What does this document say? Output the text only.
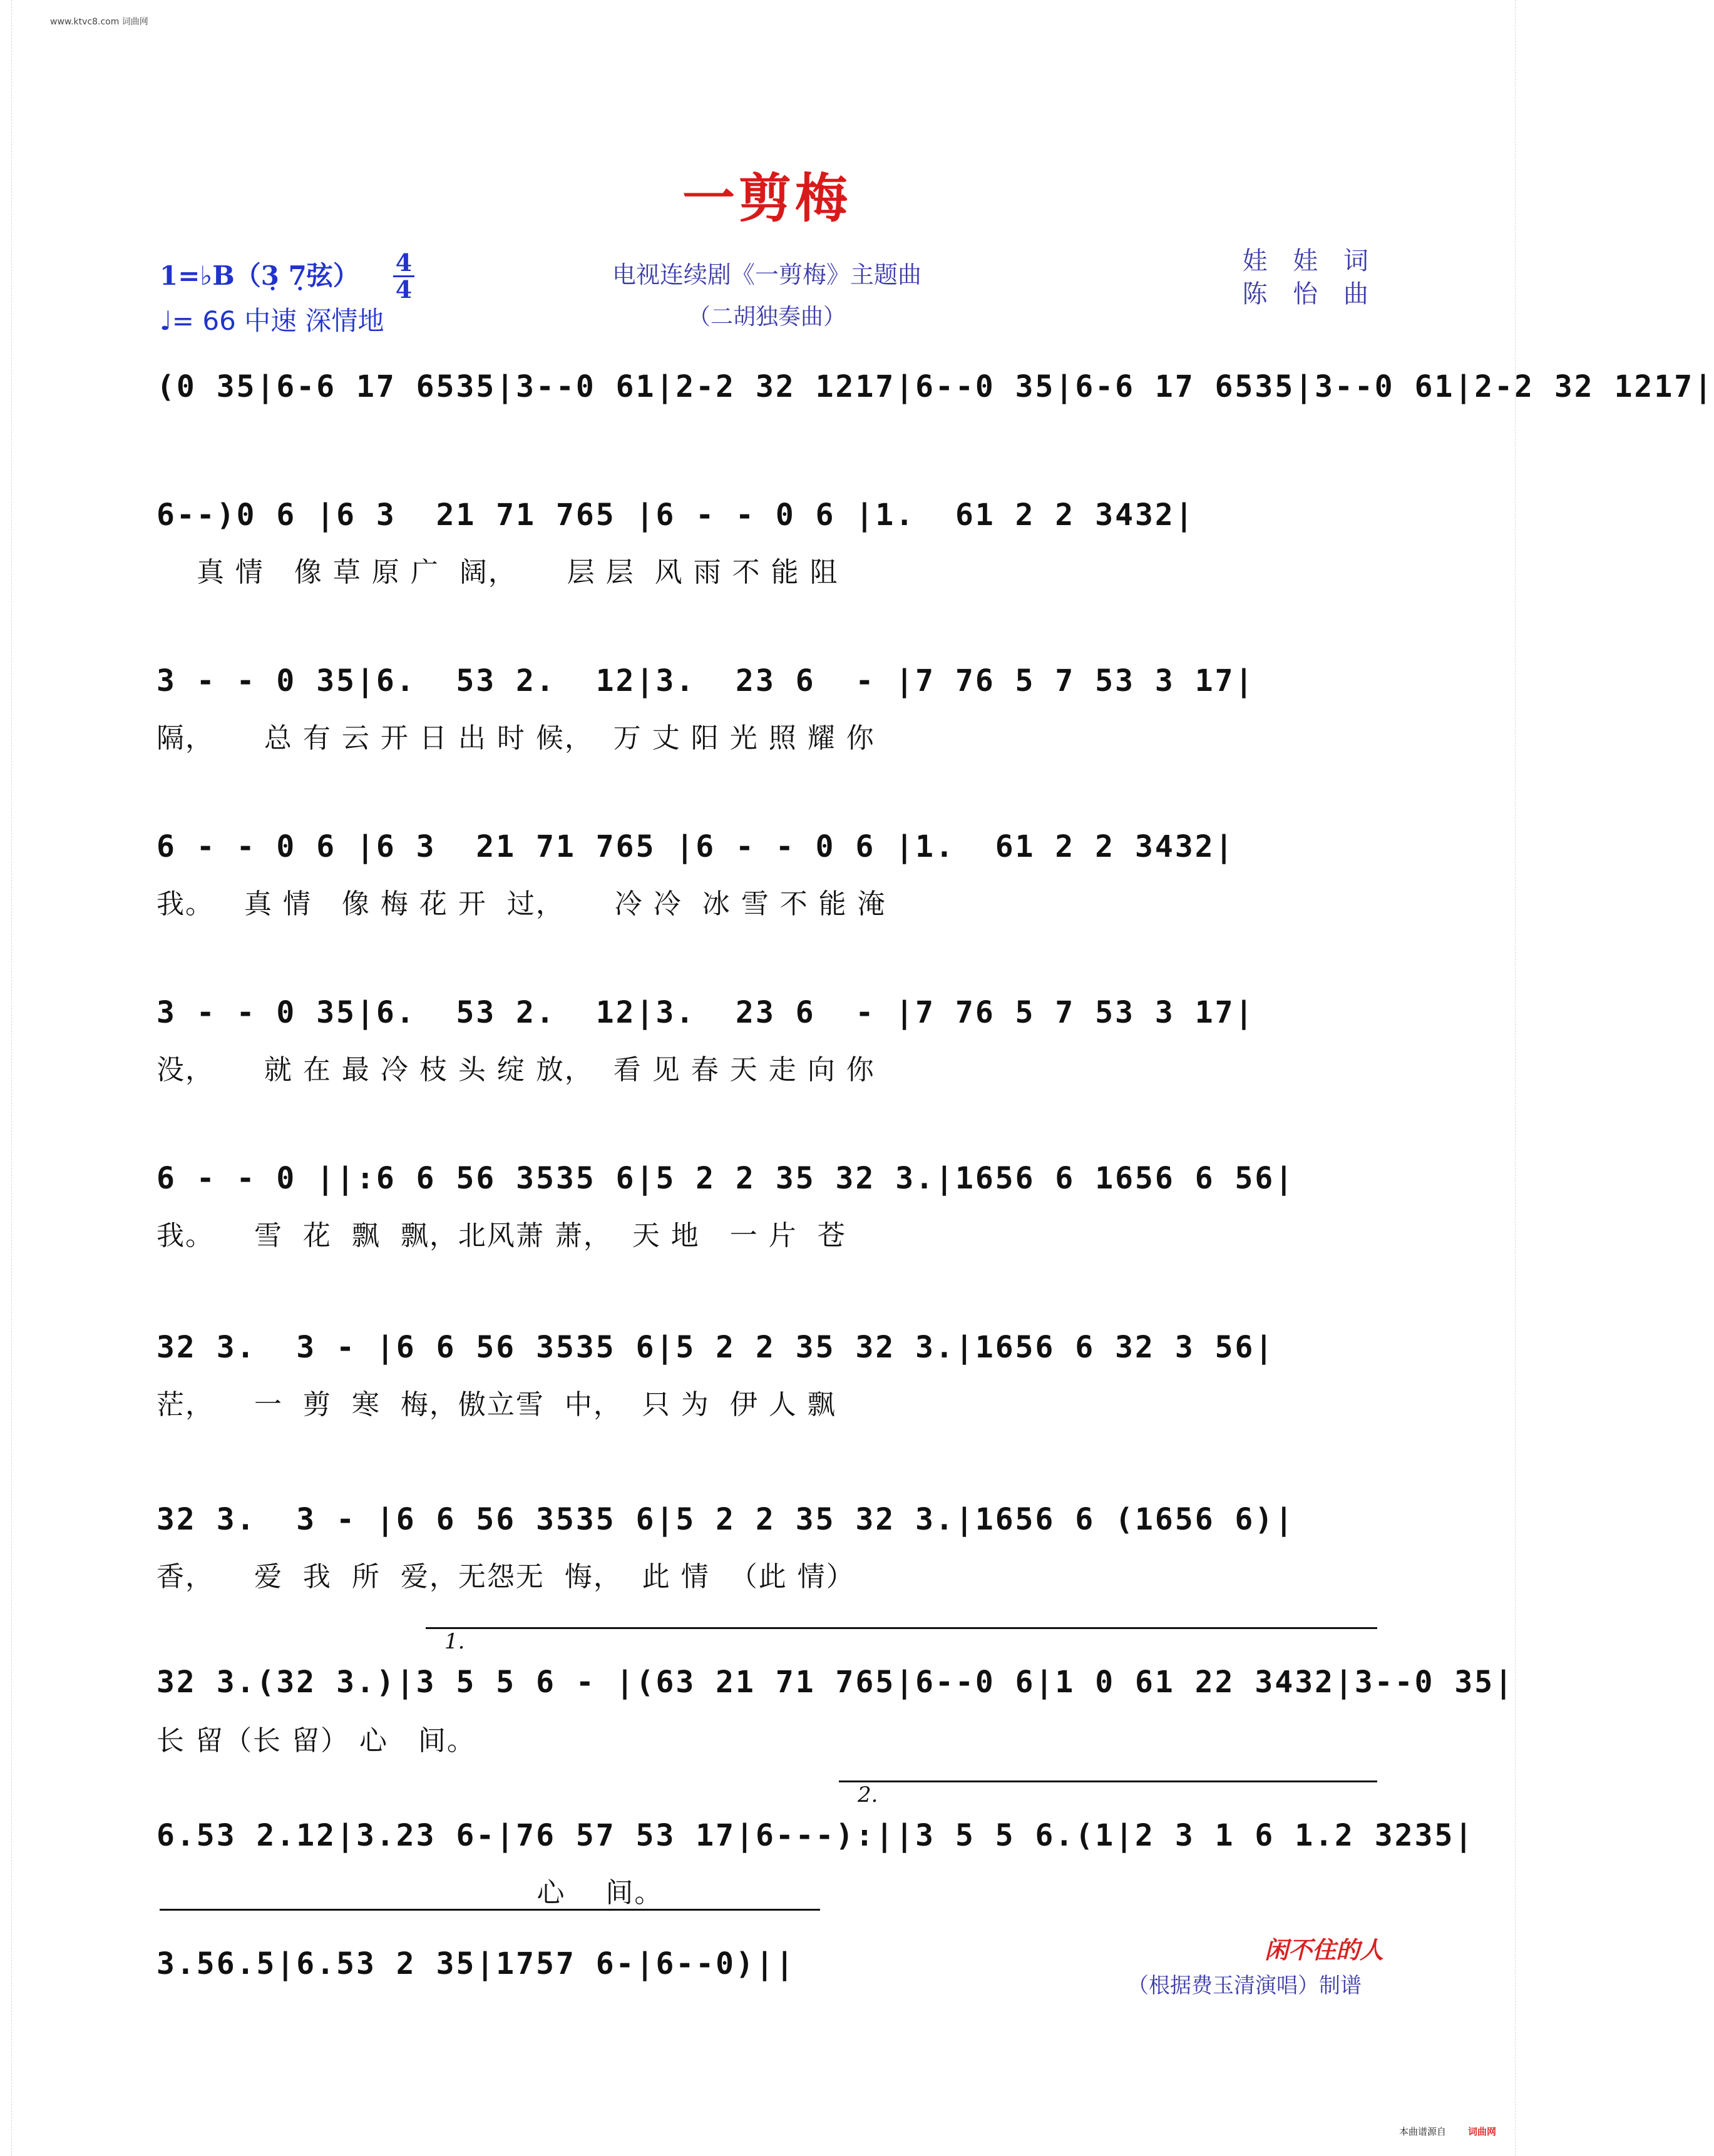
www.ktvc8.com 词曲网
一剪梅
1=♭B（3̣ 7̣弦） 4
4
♩= 66 中速 深情地
电视连续剧《一剪梅》主题曲
（二胡独奏曲）
娃 娃 词
陈 怡 曲
(0 35|6-6 17 6535|3--0 61|2-2 32 1217|6--0 35|6-6 17 6535|3--0 61|2-2 32 1217|
6--)0 6 |6 3  21 71 765 |6 - - 0 6 |1.  61 2 2 3432|
真 情   像 草 原 广  阔，     层 层  风 雨 不 能 阻
3 - - 0 35|6.  53 2.  12|3.  23 6  - |7 76 5 7 53 3 17|
隔，     总 有 云 开 日 出 时 候，  万 丈 阳 光 照 耀 你
6 - - 0 6 |6 3  21 71 765 |6 - - 0 6 |1.  61 2 2 3432|
我。   真 情   像 梅 花 开  过，     冷 冷  冰 雪 不 能 淹
3 - - 0 35|6.  53 2.  12|3.  23 6  - |7 76 5 7 53 3 17|
没，     就 在 最 冷 枝 头 绽 放，  看 见 春 天 走 向 你
6 - - 0 ||:6 6 56 3535 6|5 2 2 35 32 3.|1656 6 1656 6 56|
我。    雪  花  飘  飘，北风萧 萧，  天 地   一 片  苍
32 3.  3 - |6 6 56 3535 6|5 2 2 35 32 3.|1656 6 32 3 56|
茫，    一  剪  寒  梅，傲立雪  中，  只 为  伊 人 飘
32 3.  3 - |6 6 56 3535 6|5 2 2 35 32 3.|1656 6 (1656 6)|
香，    爱  我  所  爱，无怨无  悔，  此 情  （此 情）
1.
32 3.(32 3.)|3 5 5 6 - |(63 21 71 765|6--0 6|1 0 61 22 3432|3--0 35|
长 留（长 留） 心   间。
2.
6.53 2.12|3.23 6-|76 57 53 17|6---):||3 5 5 6.(1|2 3 1 6 1.2 3235|
心    间。
3.56.5|6.53 2 35|1757 6-|6--0)||	闲不住的人
（根据费玉清演唱）制谱
本曲谱源自 词曲网
